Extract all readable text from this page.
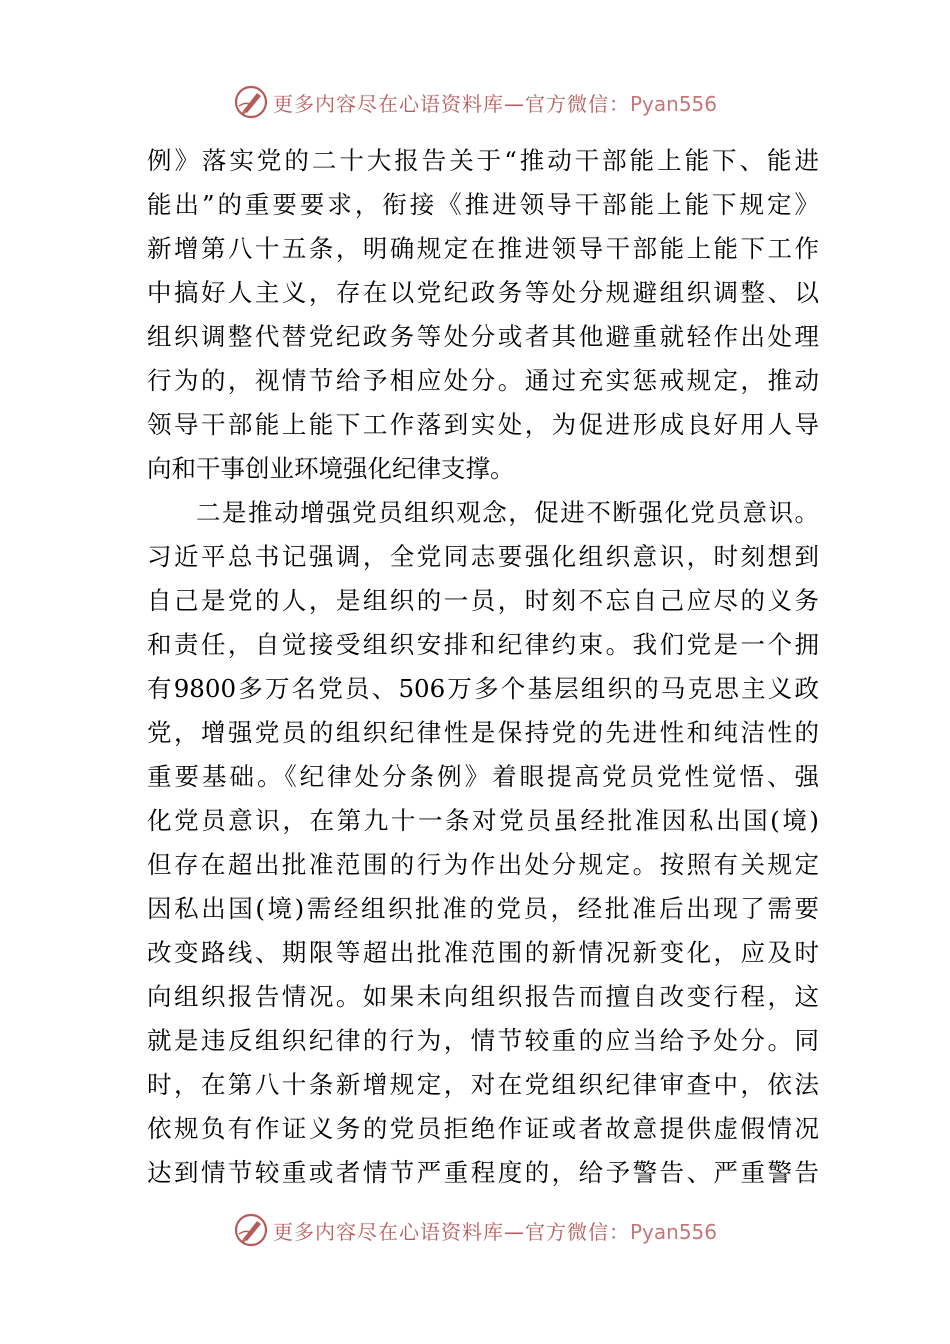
更多内容尽在心语资料库—官方微信：Pyan556
例》落实党的二十大报告关于“推动干部能上能下、能进
能出”的重要要求，衔接《推进领导干部能上能下规定》
新增第八十五条，明确规定在推进领导干部能上能下工作
中搞好人主义，存在以党纪政务等处分规避组织调整、以
组织调整代替党纪政务等处分或者其他避重就轻作出处理
行为的，视情节给予相应处分。通过充实惩戒规定，推动
领导干部能上能下工作落到实处，为促进形成良好用人导
向和干事创业环境强化纪律支撑。
二是推动增强党员组织观念，促进不断强化党员意识。
习近平总书记强调，全党同志要强化组织意识，时刻想到
自己是党的人，是组织的一员，时刻不忘自己应尽的义务
和责任，自觉接受组织安排和纪律约束。我们党是一个拥
有9800多万名党员、506万多个基层组织的马克思主义政
党，增强党员的组织纪律性是保持党的先进性和纯洁性的
重要基础。《纪律处分条例》着眼提高党员党性觉悟、强
化党员意识，在第九十一条对党员虽经批准因私出国(境)
但存在超出批准范围的行为作出处分规定。按照有关规定
因私出国(境)需经组织批准的党员，经批准后出现了需要
改变路线、期限等超出批准范围的新情况新变化，应及时
向组织报告情况。如果未向组织报告而擅自改变行程，这
就是违反组织纪律的行为，情节较重的应当给予处分。同
时，在第八十条新增规定，对在党组织纪律审查中，依法
依规负有作证义务的党员拒绝作证或者故意提供虚假情况
达到情节较重或者情节严重程度的，给予警告、严重警告
更多内容尽在心语资料库—官方微信：Pyan556
